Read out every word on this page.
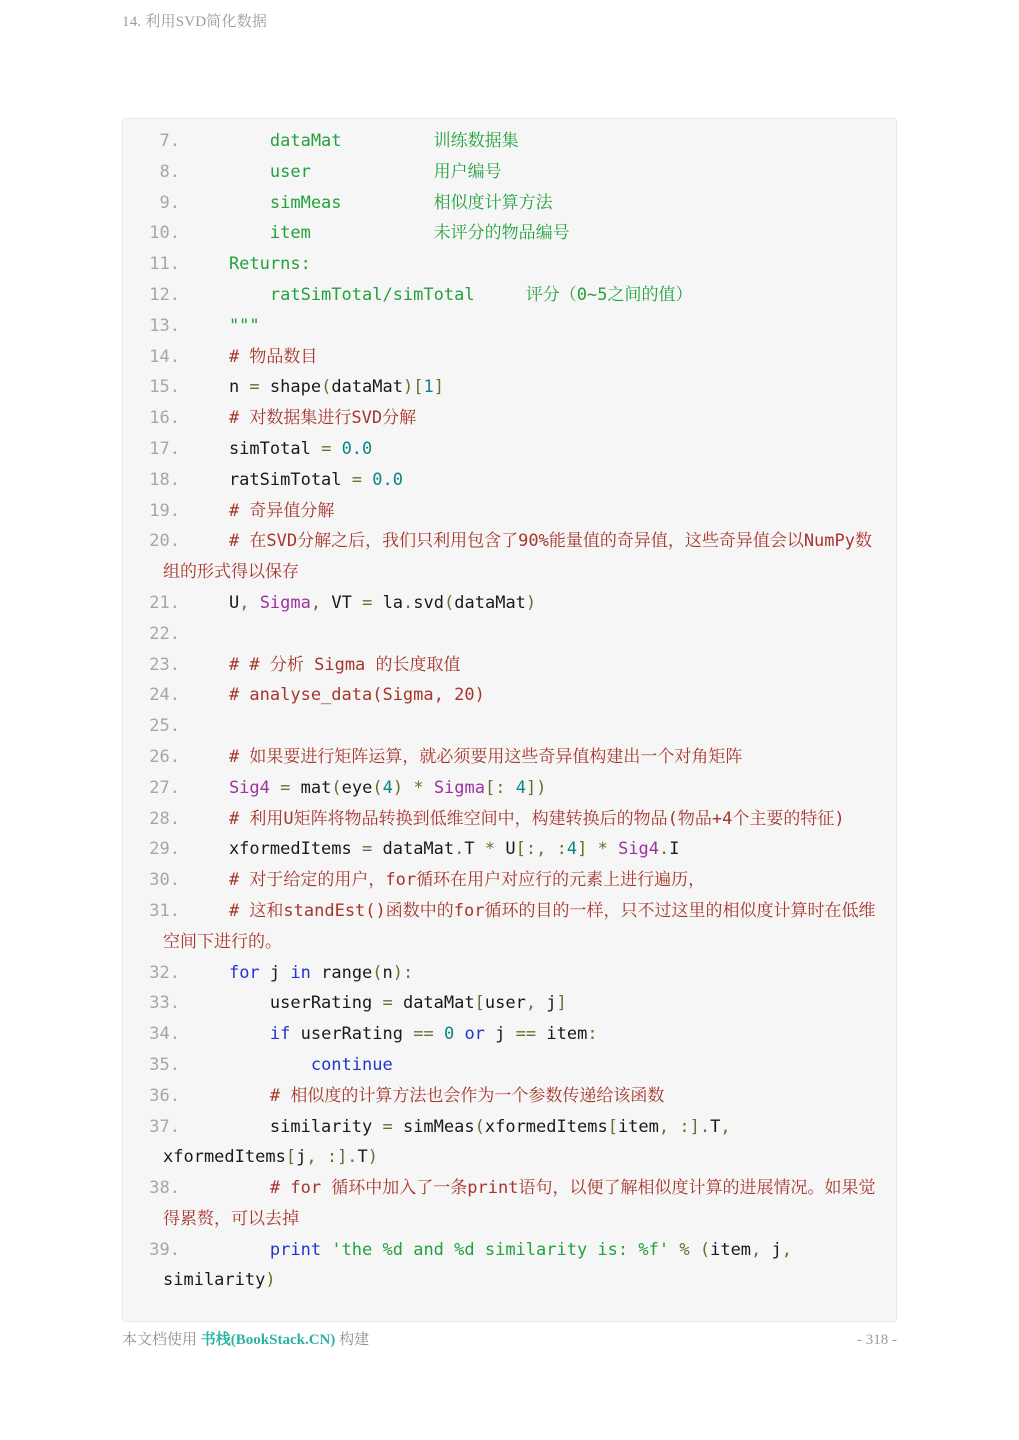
14. 利用SVD简化数据
7.        dataMat         训练数据集
8.        user            用户编号
9.        simMeas         相似度计算方法
10.        item            未评分的物品编号
11.    Returns:
12.        ratSimTotal/simTotal     评分（0~5之间的值）
13.    """
14.    # 物品数目
15.    n = shape(dataMat)[1]
16.    # 对数据集进行SVD分解
17.    simTotal = 0.0
18.    ratSimTotal = 0.0
19.    # 奇异值分解
20.    # 在SVD分解之后，我们只利用包含了90%能量值的奇异值，这些奇异值会以NumPy数
组的形式得以保存
21.    U, Sigma, VT = la.svd(dataMat)
22.
23.    # # 分析 Sigma 的长度取值
24.    # analyse_data(Sigma, 20)
25.
26.    # 如果要进行矩阵运算，就必须要用这些奇异值构建出一个对角矩阵
27.    Sig4 = mat(eye(4) * Sigma[: 4])
28.    # 利用U矩阵将物品转换到低维空间中，构建转换后的物品(物品+4个主要的特征)
29.    xformedItems = dataMat.T * U[:, :4] * Sig4.I
30.    # 对于给定的用户，for循环在用户对应行的元素上进行遍历，
31.    # 这和standEst()函数中的for循环的目的一样，只不过这里的相似度计算时在低维
空间下进行的。
32.	for j in range(n):
33.        userRating = dataMat[user, j]
34.	if userRating == 0 or j == item:
35.	continue
36.        # 相似度的计算方法也会作为一个参数传递给该函数
37.        similarity = simMeas(xformedItems[item, :].T,
xformedItems[j, :].T)
38.        # for 循环中加入了一条print语句，以便了解相似度计算的进展情况。如果觉
得累赘，可以去掉
39.	print 'the %d and %d similarity is: %f' % (item, j,
similarity)
本文档使用 书栈(BookStack.CN) 构建	- 318 -
